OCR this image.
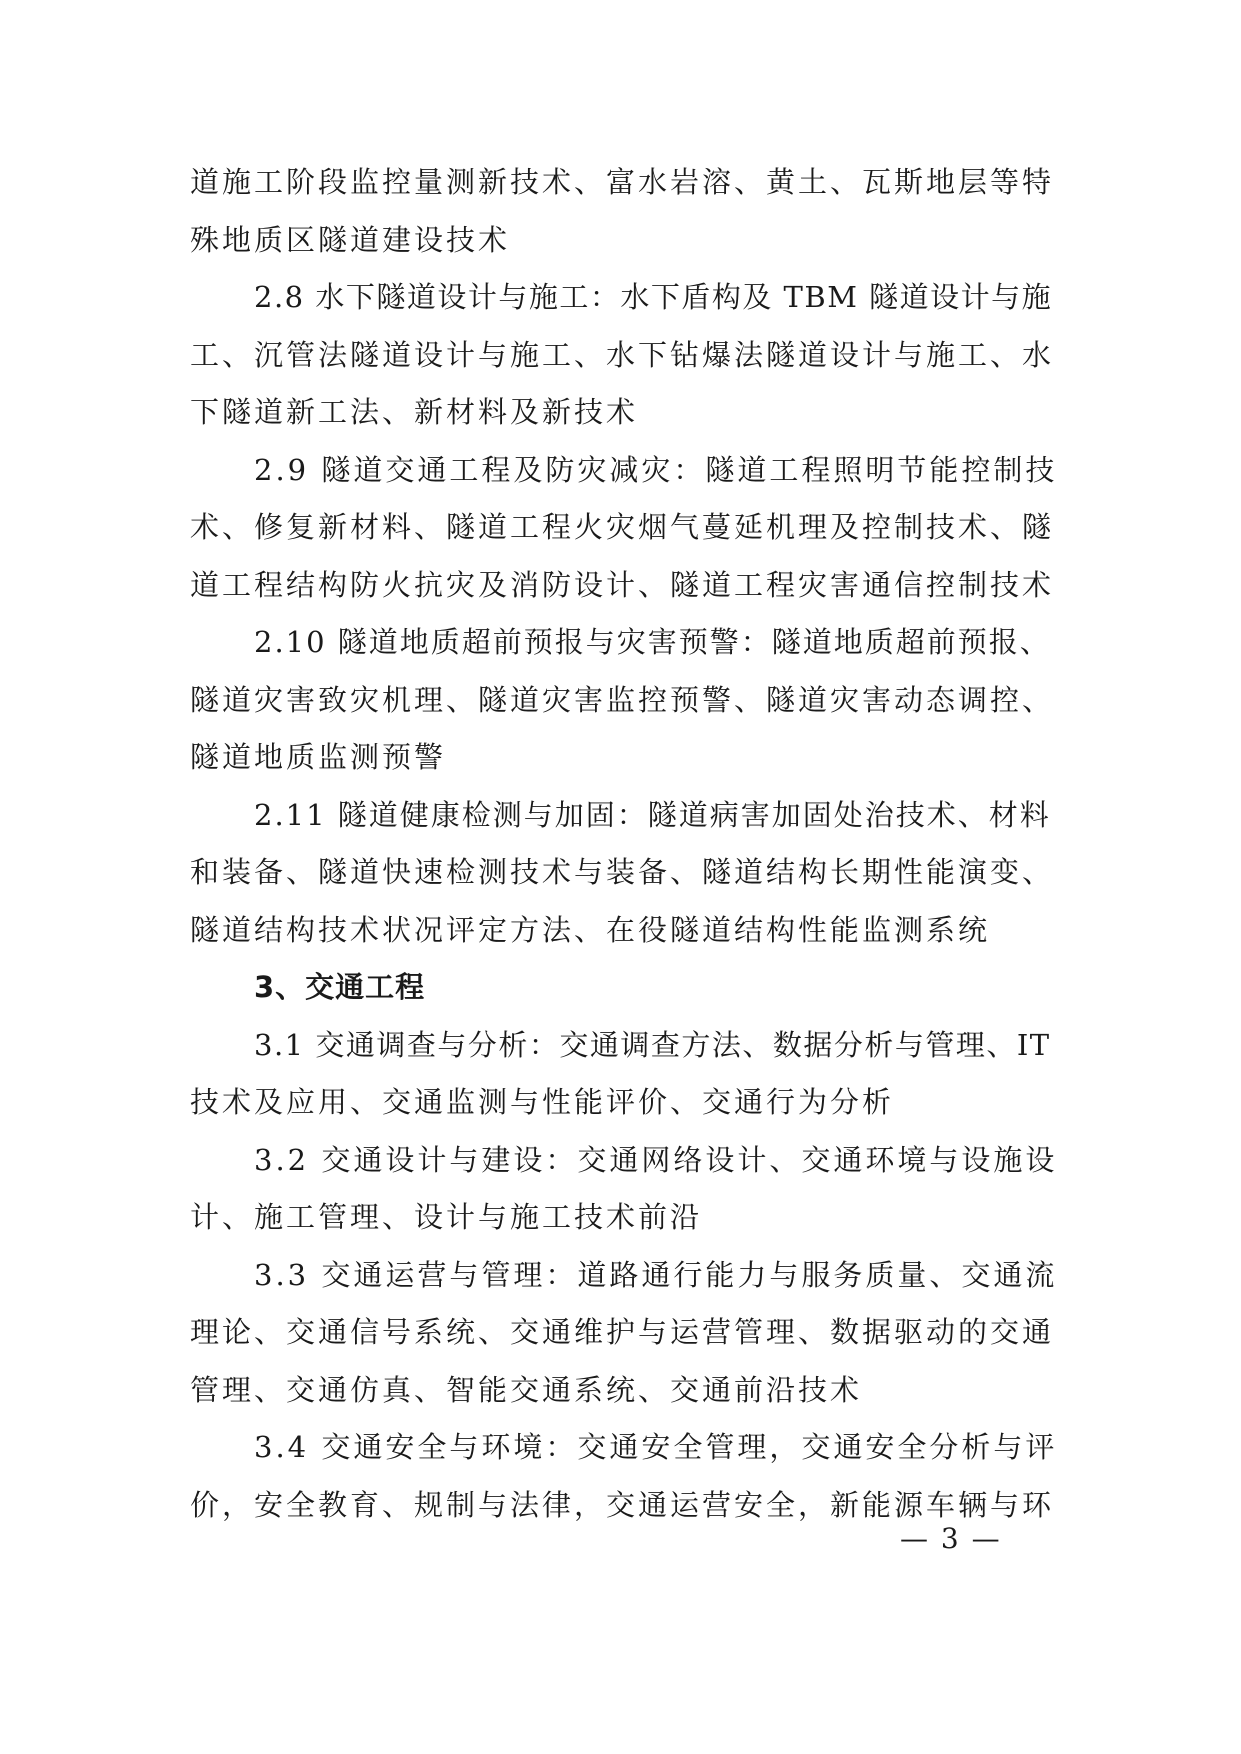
道施工阶段监控量测新技术、富水岩溶、黄土、瓦斯地层等特
殊地质区隧道建设技术
2.8 水下隧道设计与施工：水下盾构及 TBM 隧道设计与施
工、沉管法隧道设计与施工、水下钻爆法隧道设计与施工、水
下隧道新工法、新材料及新技术
2.9 隧道交通工程及防灾减灾：隧道工程照明节能控制技
术、修复新材料、隧道工程火灾烟气蔓延机理及控制技术、隧
道工程结构防火抗灾及消防设计、隧道工程灾害通信控制技术
2.10 隧道地质超前预报与灾害预警：隧道地质超前预报、
隧道灾害致灾机理、隧道灾害监控预警、隧道灾害动态调控、
隧道地质监测预警
2.11 隧道健康检测与加固：隧道病害加固处治技术、材料
和装备、隧道快速检测技术与装备、隧道结构长期性能演变、
隧道结构技术状况评定方法、在役隧道结构性能监测系统
3、交通工程
3.1 交通调查与分析：交通调查方法、数据分析与管理、IT
技术及应用、交通监测与性能评价、交通行为分析
3.2 交通设计与建设：交通网络设计、交通环境与设施设
计、施工管理、设计与施工技术前沿
3.3 交通运营与管理：道路通行能力与服务质量、交通流
理论、交通信号系统、交通维护与运营管理、数据驱动的交通
管理、交通仿真、智能交通系统、交通前沿技术
3.4 交通安全与环境：交通安全管理，交通安全分析与评
价，安全教育、规制与法律，交通运营安全，新能源车辆与环
— 3 —
